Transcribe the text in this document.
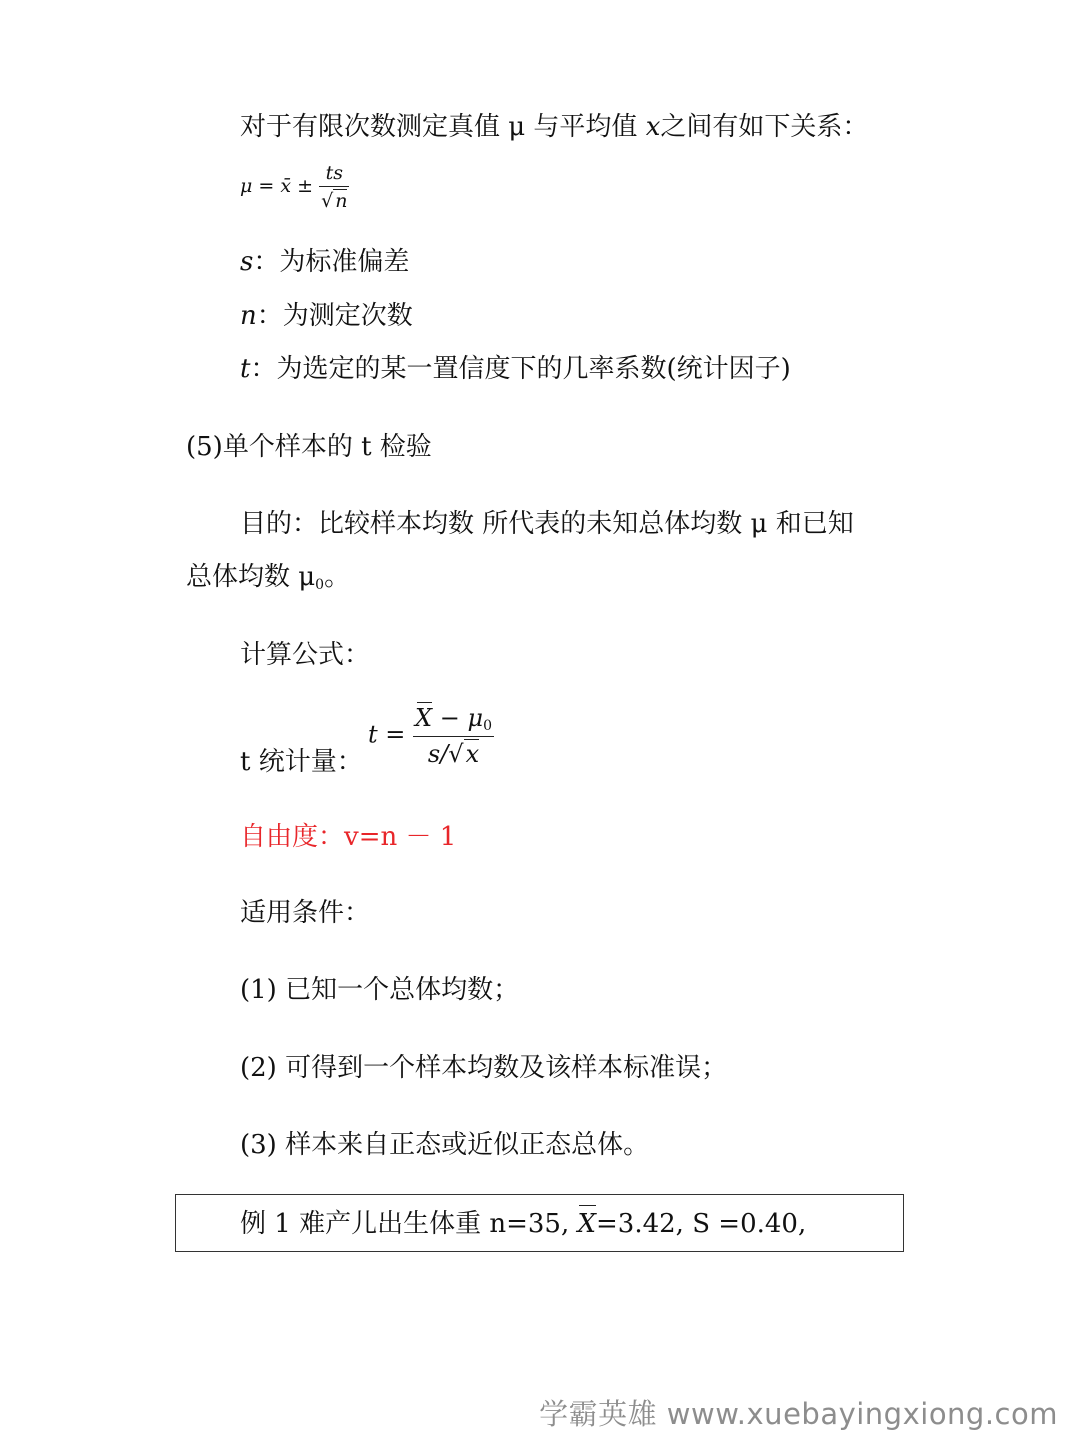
对于有限次数测定真值 μ 与平均值 x之间有如下关系：
μ = x̄ ± $\frac{ts}{√ n}$
s：为标准偏差
n：为测定次数
t：为选定的某一置信度下的几率系数(统计因子)
(5)单个样本的 t 检验
目的：比较样本均数 所代表的未知总体均数 μ 和已知
总体均数 $\mu_0$。
计算公式：
t 统计量：
$t = \frac{X - \mu_0}{s/√x}$
自由度：v=n － 1
适用条件：
(1) 已知一个总体均数；
(2) 可得到一个样本均数及该样本标准误；
(3) 样本来自正态或近似正态总体。
例 1 难产儿出生体重 n=35, X=3.42, S =0.40,
学霸英雄 www.xuebayingxiong.com
